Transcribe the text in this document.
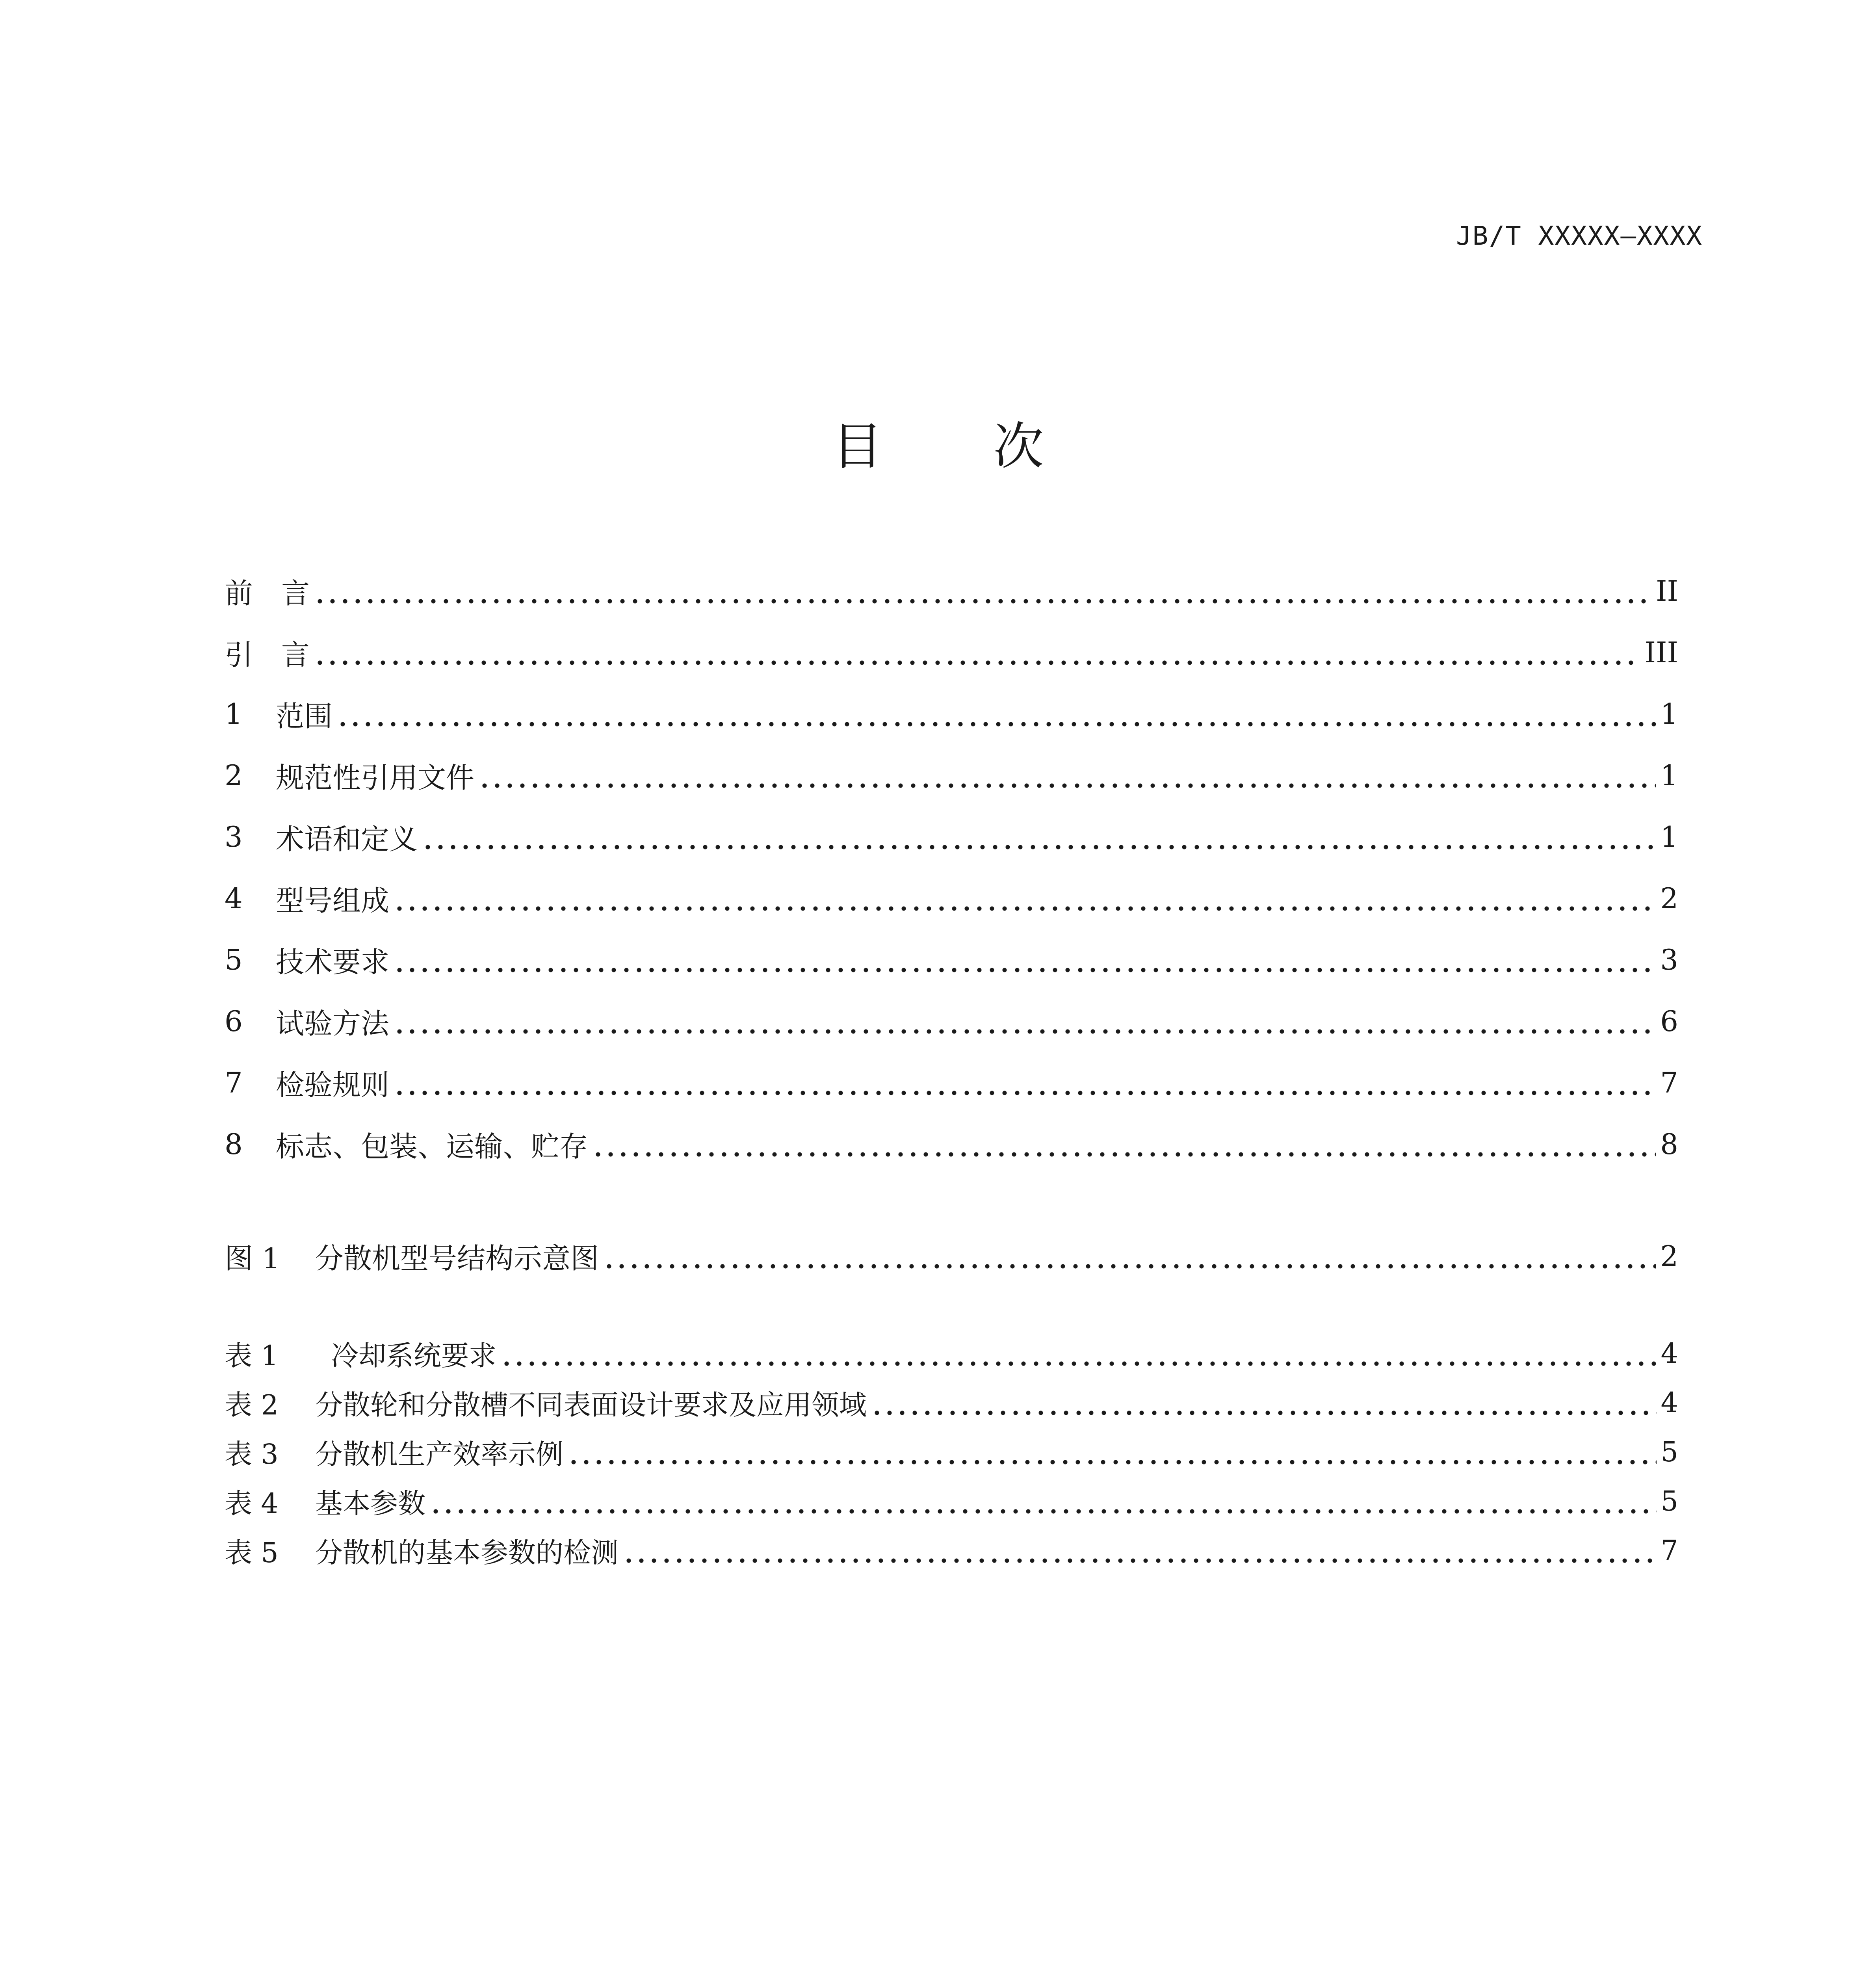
JB/T XXXXX—XXXX
目 次
前　言	II
引　言	III
1	范围	1
2	规范性引用文件	1
3	术语和定义	1
4	型号组成	2
5	技术要求	3
6	试验方法	6
7	检验规则	7
8	标志、包装、运输、贮存	8
图 1	分散机型号结构示意图	2
表 1	冷却系统要求	4
表 2	分散轮和分散槽不同表面设计要求及应用领域	4
表 3	分散机生产效率示例	5
表 4	基本参数	5
表 5	分散机的基本参数的检测	7
